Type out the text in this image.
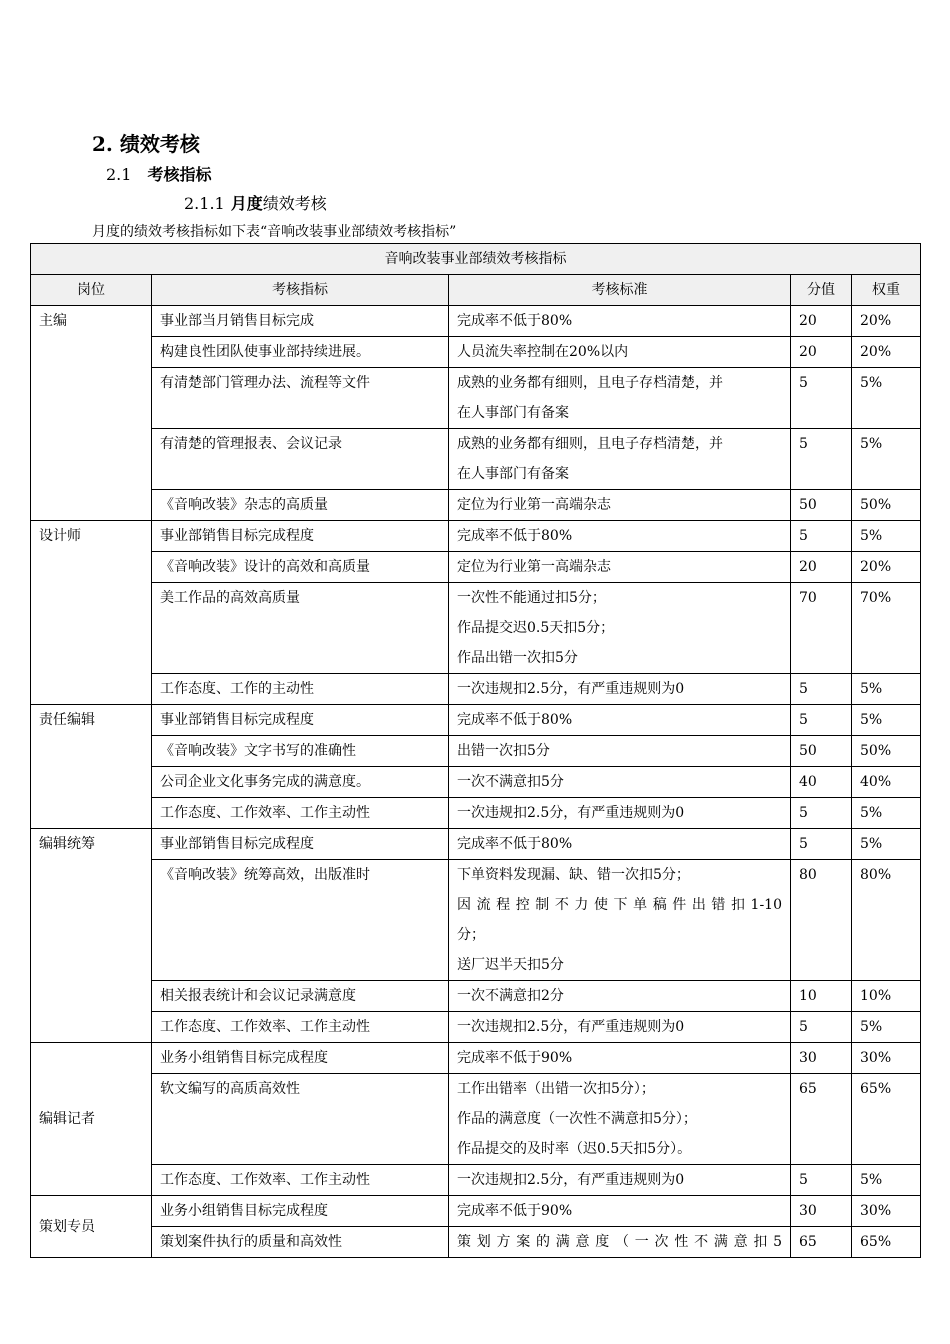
2. 绩效考核
2.1 考核指标
2.1.1 月度绩效考核
月度的绩效考核指标如下表“音响改装事业部绩效考核指标”
音响改装事业部绩效考核指标				
岗位	考核指标	考核标准	分值	权重
主编	事业部当月销售目标完成	完成率不低于80%	20	20%
	构建良性团队使事业部持续进展。	人员流失率控制在20%以内	20	20%
	有清楚部门管理办法、流程等文件	成熟的业务都有细则，且电子存档清楚，并
在人事部门有备案	5	5%
	有清楚的管理报表、会议记录	成熟的业务都有细则，且电子存档清楚，并
在人事部门有备案	5	5%
	《音响改装》杂志的高质量	定位为行业第一高端杂志	50	50%
设计师	事业部销售目标完成程度	完成率不低于80%	5	5%
	《音响改装》设计的高效和高质量	定位为行业第一高端杂志	20	20%
	美工作品的高效高质量	一次性不能通过扣5分；
作品提交迟0.5天扣5分；
作品出错一次扣5分	70	70%
	工作态度、工作的主动性	一次违规扣2.5分，有严重违规则为0	5	5%
责任编辑	事业部销售目标完成程度	完成率不低于80%	5	5%
	《音响改装》文字书写的准确性	出错一次扣5分	50	50%
	公司企业文化事务完成的满意度。	一次不满意扣5分	40	40%
	工作态度、工作效率、工作主动性	一次违规扣2.5分，有严重违规则为0	5	5%
编辑统筹	事业部销售目标完成程度	完成率不低于80%	5	5%
	《音响改装》统筹高效，出版准时	下单资料发现漏、缺、错一次扣5分；
因流程控制不力使下单稿件出错扣1-10
分；
送厂迟半天扣5分	80	80%
	相关报表统计和会议记录满意度	一次不满意扣2分	10	10%
	工作态度、工作效率、工作主动性	一次违规扣2.5分，有严重违规则为0	5	5%
编辑记者	业务小组销售目标完成程度	完成率不低于90%	30	30%
	软文编写的高质高效性	工作出错率（出错一次扣5分）；
作品的满意度（一次性不满意扣5分）；
作品提交的及时率（迟0.5天扣5分）。	65	65%
	工作态度、工作效率、工作主动性	一次违规扣2.5分，有严重违规则为0	5	5%
策划专员	业务小组销售目标完成程度	完成率不低于90%	30	30%
	策划案件执行的质量和高效性	策划方案的满意度（一次性不满意扣5	65	65%
